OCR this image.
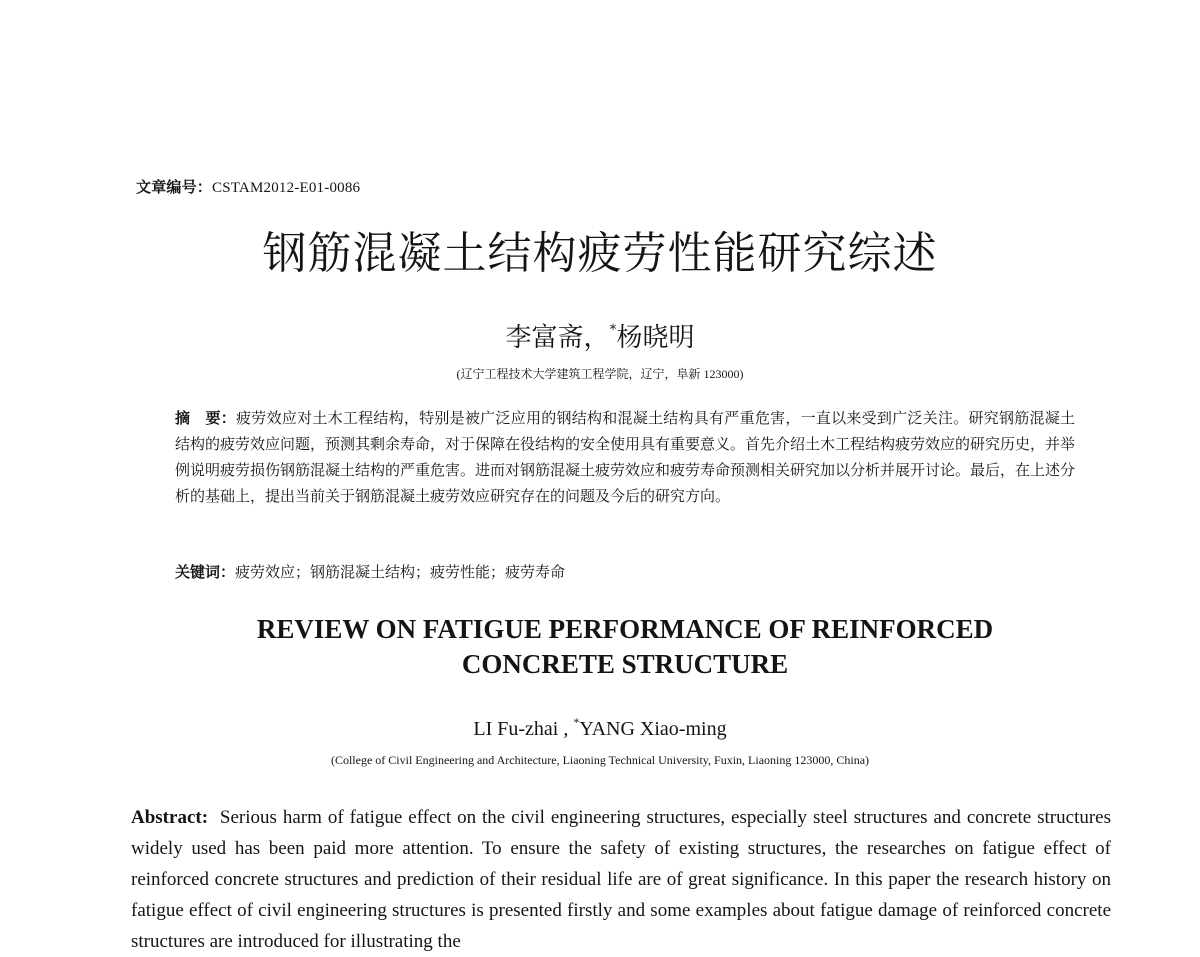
文章编号：CSTAM2012-E01-0086
钢筋混凝土结构疲劳性能研究综述
李富斋，*杨晓明
(辽宁工程技术大学建筑工程学院，辽宁，阜新 123000)

摘　要：疲劳效应对土木工程结构，特别是被广泛应用的钢结构和混凝土结构具有严重危害，一直以来受到广泛关注。研究钢筋混凝土结构的疲劳效应问题，预测其剩余寿命，对于保障在役结构的安全使用具有重要意义。首先介绍土木工程结构疲劳效应的研究历史，并举例说明疲劳损伤钢筋混凝土结构的严重危害。进而对钢筋混凝土疲劳效应和疲劳寿命预测相关研究加以分析并展开讨论。最后，在上述分析的基础上，提出当前关于钢筋混凝土疲劳效应研究存在的问题及今后的研究方向。

关键词：疲劳效应；钢筋混凝土结构；疲劳性能；疲劳寿命
REVIEW ON FATIGUE PERFORMANCE OF REINFORCED
CONCRETE STRUCTURE
LI Fu-zhai , *YANG Xiao-ming
(College of Civil Engineering and Architecture, Liaoning Technical University, Fuxin, Liaoning 123000, China)

Abstract: Serious harm of fatigue effect on the civil engineering structures, especially steel structures and concrete structures widely used has been paid more attention. To ensure the safety of existing structures, the researches on fatigue effect of reinforced concrete structures and prediction of their residual life are of great significance. In this paper the research history on fatigue effect of civil engineering structures is presented firstly and some examples about fatigue damage of reinforced concrete structures are introduced for illustrating the
